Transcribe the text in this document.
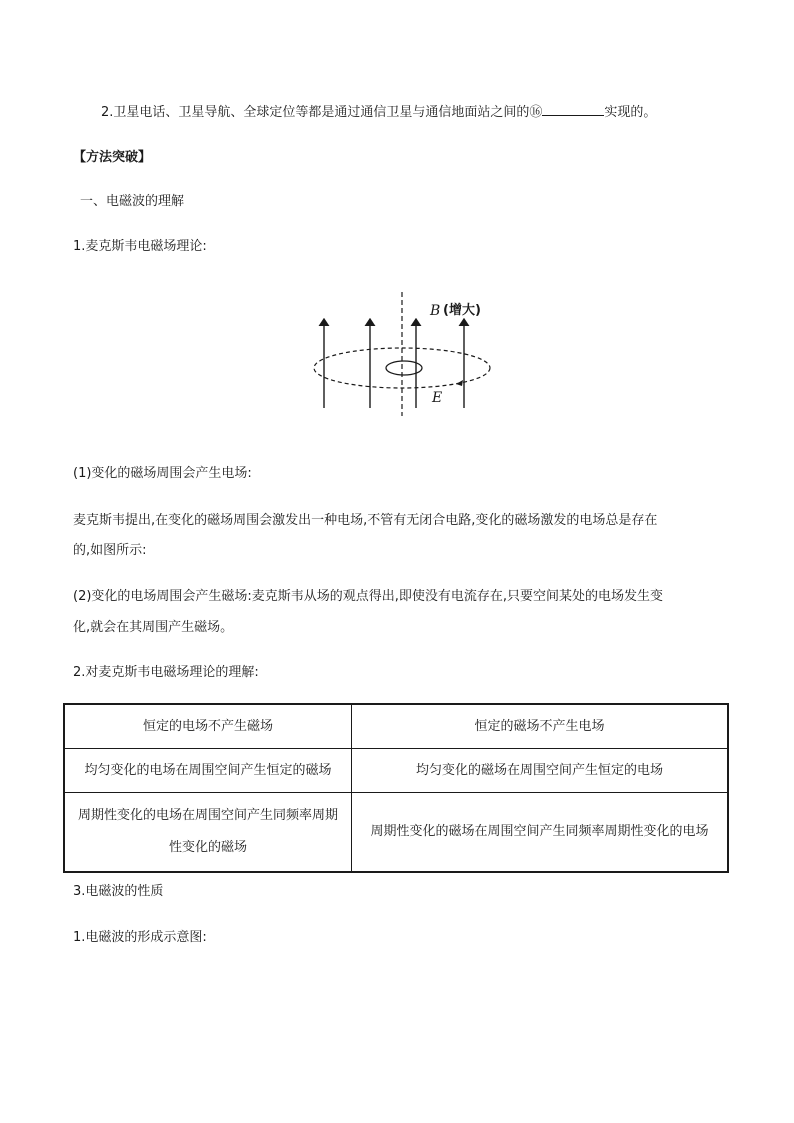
2.卫星电话、卫星导航、全球定位等都是通过通信卫星与通信地面站之间的⑯	实现的。
【方法突破】
一、电磁波的理解
1.麦克斯韦电磁场理论:
B (增大)
E
(1)变化的磁场周围会产生电场:
麦克斯韦提出,在变化的磁场周围会激发出一种电场,不管有无闭合电路,变化的磁场激发的电场总是存在
的,如图所示:
(2)变化的电场周围会产生磁场:麦克斯韦从场的观点得出,即使没有电流存在,只要空间某处的电场发生变
化,就会在其周围产生磁场。
2.对麦克斯韦电磁场理论的理解:
恒定的电场不产生磁场	恒定的磁场不产生电场
均匀变化的电场在周围空间产生恒定的磁场	均匀变化的磁场在周围空间产生恒定的电场
周期性变化的电场在周围空间产生同频率周期性变化的磁场	周期性变化的磁场在周围空间产生同频率周期性变化的电场
3.电磁波的性质
1.电磁波的形成示意图:
